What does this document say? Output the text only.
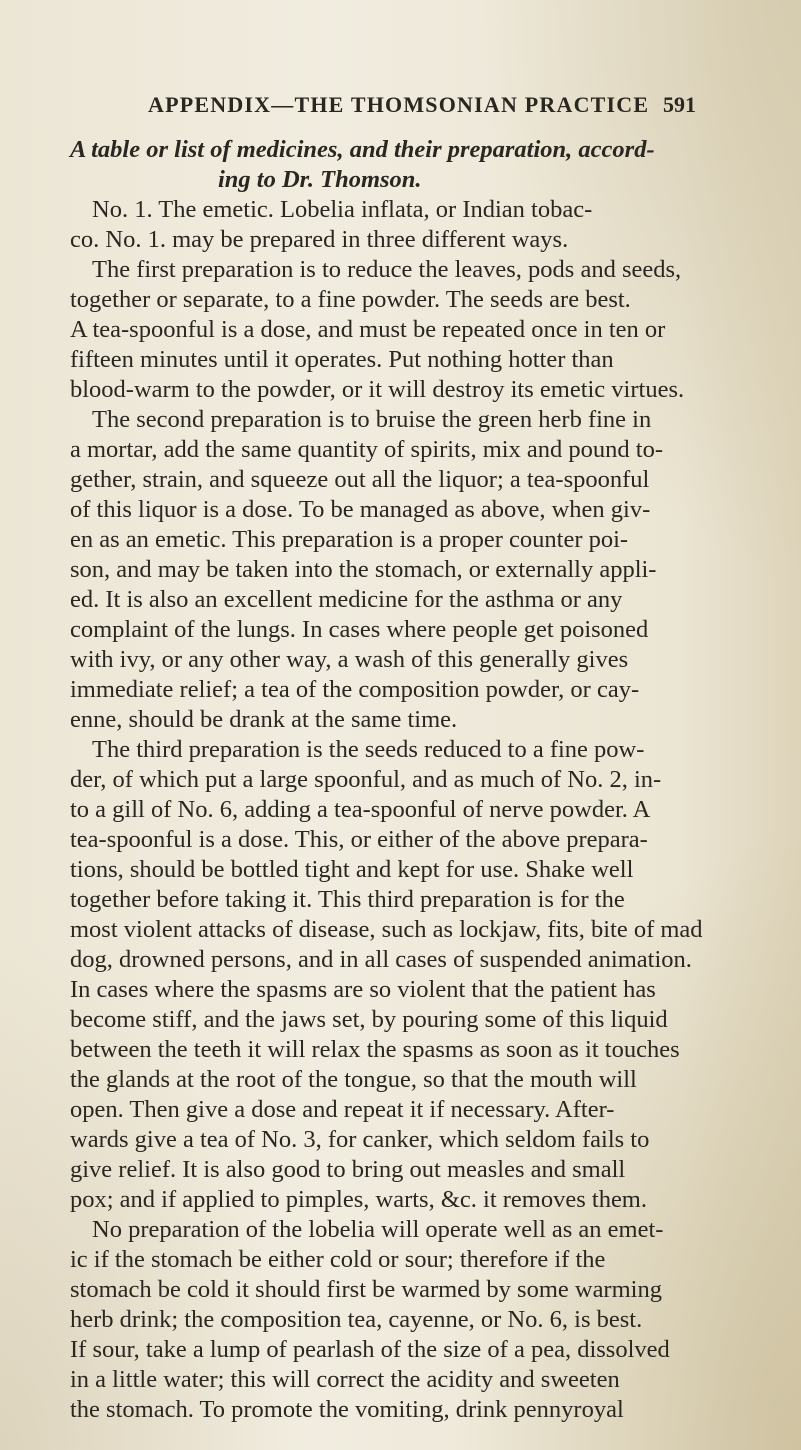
APPENDIX—THE THOMSONIAN PRACTICE 591
A table or list of medicines, and their preparation, accord-
ing to Dr. Thomson.
No. 1. The emetic. Lobelia inflata, or Indian tobac-
co. No. 1. may be prepared in three different ways.
The first preparation is to reduce the leaves, pods and seeds,
together or separate, to a fine powder. The seeds are best.
A tea-spoonful is a dose, and must be repeated once in ten or
fifteen minutes until it operates. Put nothing hotter than
blood-warm to the powder, or it will destroy its emetic virtues.
The second preparation is to bruise the green herb fine in
a mortar, add the same quantity of spirits, mix and pound to-
gether, strain, and squeeze out all the liquor; a tea-spoonful
of this liquor is a dose. To be managed as above, when giv-
en as an emetic. This preparation is a proper counter poi-
son, and may be taken into the stomach, or externally appli-
ed. It is also an excellent medicine for the asthma or any
complaint of the lungs. In cases where people get poisoned
with ivy, or any other way, a wash of this generally gives
immediate relief; a tea of the composition powder, or cay-
enne, should be drank at the same time.
The third preparation is the seeds reduced to a fine pow-
der, of which put a large spoonful, and as much of No. 2, in-
to a gill of No. 6, adding a tea-spoonful of nerve powder. A
tea-spoonful is a dose. This, or either of the above prepara-
tions, should be bottled tight and kept for use. Shake well
together before taking it. This third preparation is for the
most violent attacks of disease, such as lockjaw, fits, bite of mad
dog, drowned persons, and in all cases of suspended animation.
In cases where the spasms are so violent that the patient has
become stiff, and the jaws set, by pouring some of this liquid
between the teeth it will relax the spasms as soon as it touches
the glands at the root of the tongue, so that the mouth will
open. Then give a dose and repeat it if necessary. After-
wards give a tea of No. 3, for canker, which seldom fails to
give relief. It is also good to bring out measles and small
pox; and if applied to pimples, warts, &c. it removes them.
No preparation of the lobelia will operate well as an emet-
ic if the stomach be either cold or sour; therefore if the
stomach be cold it should first be warmed by some warming
herb drink; the composition tea, cayenne, or No. 6, is best.
If sour, take a lump of pearlash of the size of a pea, dissolved
in a little water; this will correct the acidity and sweeten
the stomach. To promote the vomiting, drink pennyroyal
